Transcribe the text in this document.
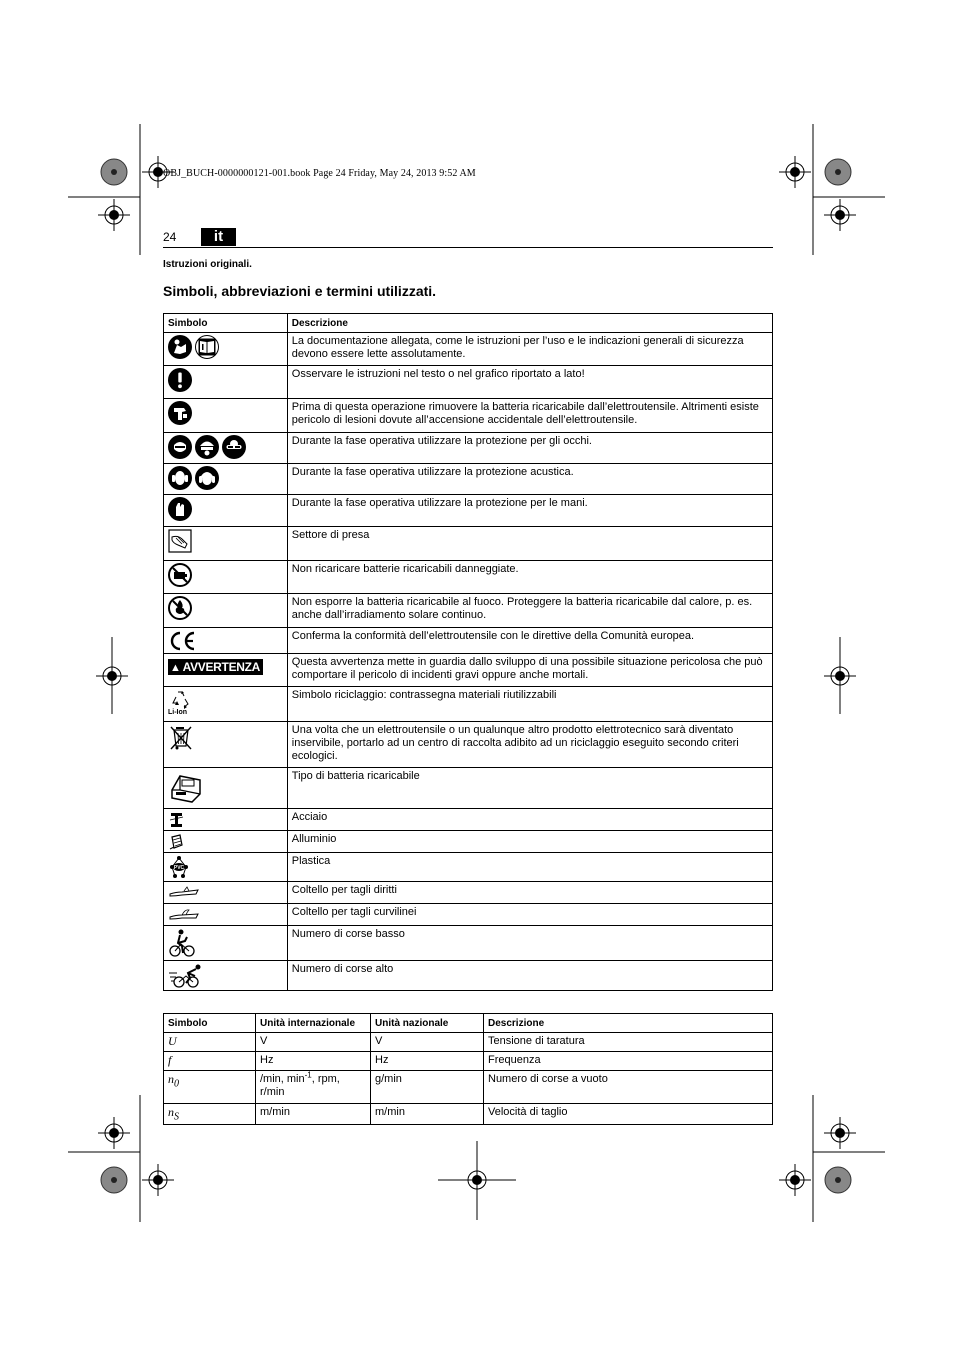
OBJ_BUCH-0000000121-001.book Page 24 Friday, May 24, 2013 9:52 AM
24	it
Istruzioni originali.
Simboli, abbreviazioni e termini utilizzati.
Simbolo	Descrizione

	La documentazione allegata, come le istruzioni per l’uso e le indicazioni generali di sicurezza devono essere lette assolutamente.

	Osservare le istruzioni nel testo o nel grafico riportato a lato!

	Prima di questa operazione rimuovere la batteria ricaricabile dall’elettroutensile. Altrimenti esiste pericolo di lesioni dovute all’accensione accidentale dell’elettroutensile.

	Durante la fase operativa utilizzare la protezione per gli occhi.

	Durante la fase operativa utilizzare la protezione acustica.

	Durante la fase operativa utilizzare la protezione per le mani.

	Settore di presa

	Non ricaricare batterie ricaricabili danneggiate.

	Non esporre la batteria ricaricabile al fuoco. Proteggere la batteria ricaricabile dal calore, p. es. anche dall’irradiamento solare continuo.

	Conferma la conformità dell’elettroutensile con le direttive della Comunità europea.
▲ AVVERTENZA	Questa avvertenza mette in guardia dallo sviluppo di una possibile situazione pericolosa che può comportare il pericolo di incidenti gravi oppure anche mortali.

Li-Ion	Simbolo riciclaggio: contrassegna materiali riutilizzabili

	Una volta che un elettroutensile o un qualunque altro prodotto elettrotecnico sarà diventato inservibile, portarlo ad un centro di raccolta adibito ad un riciclaggio eseguito secondo criteri ecologici.

	Tipo di batteria ricaricabile

	Acciaio

	Alluminio

PVC	Plastica

	Coltello per tagli diritti

	Coltello per tagli curvilinei

	Numero di corse basso

	Numero di corse alto
Simbolo	Unità internazionale	Unità nazionale	Descrizione
U	V	V	Tensione di taratura
f	Hz	Hz	Frequenza
$n_0$	/min, $\min^{-1}$, rpm, r/min	g/min	Numero di corse a vuoto
$n_S$	m/min	m/min	Velocità di taglio
